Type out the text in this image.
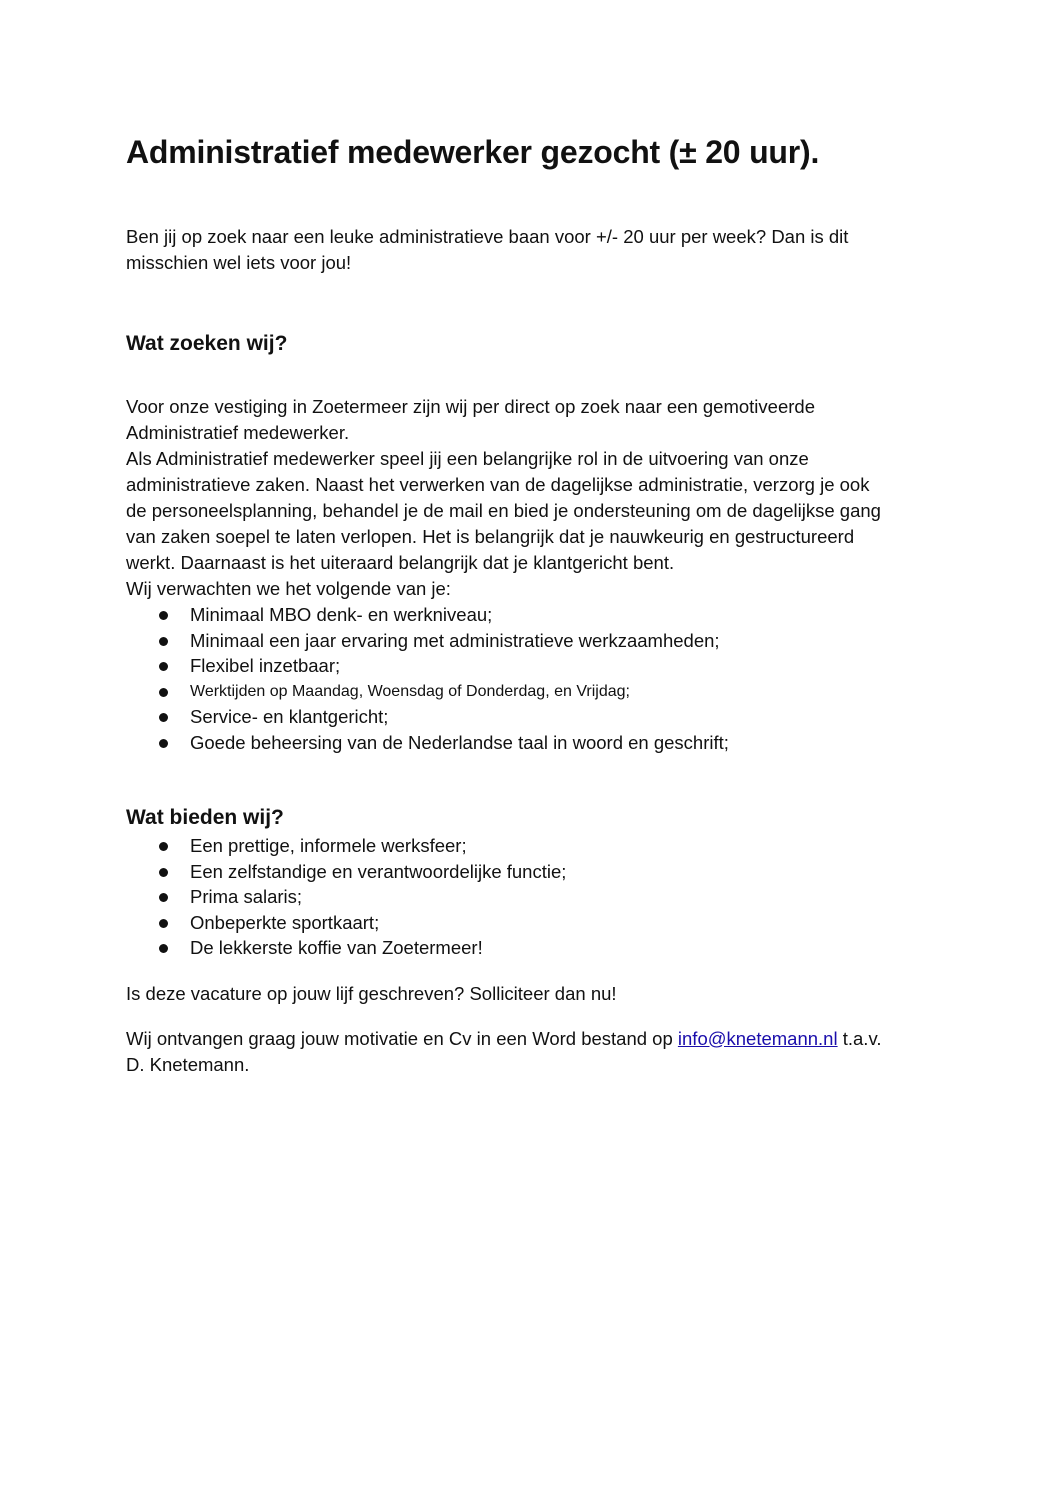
Administratief medewerker gezocht (± 20 uur).

Ben jij op zoek naar een leuke administratieve baan voor +/- 20 uur per week? Dan is dit

misschien wel iets voor jou!

Wat zoeken wij?

Voor onze vestiging in Zoetermeer zijn wij per direct op zoek naar een gemotiveerde

Administratief medewerker.

Als Administratief medewerker speel jij een belangrijke rol in de uitvoering van onze

administratieve zaken. Naast het verwerken van de dagelijkse administratie, verzorg je ook

de personeelsplanning, behandel je de mail en bied je ondersteuning om de dagelijkse gang

van zaken soepel te laten verlopen. Het is belangrijk dat je nauwkeurig en gestructureerd

werkt. Daarnaast is het uiteraard belangrijk dat je klantgericht bent.

Wij verwachten we het volgende van je:

Minimaal MBO denk- en werkniveau;
Minimaal een jaar ervaring met administratieve werkzaamheden;
Flexibel inzetbaar;
Werktijden op Maandag, Woensdag of Donderdag, en Vrijdag;
Service- en klantgericht;
Goede beheersing van de Nederlandse taal in woord en geschrift;
Wat bieden wij?
Een prettige, informele werksfeer;
Een zelfstandige en verantwoordelijke functie;
Prima salaris;
Onbeperkte sportkaart;
De lekkerste koffie van Zoetermeer!

Is deze vacature op jouw lijf geschreven? Solliciteer dan nu!

Wij ontvangen graag jouw motivatie en Cv in een Word bestand op info@knetemann.nl t.a.v.

D. Knetemann.
